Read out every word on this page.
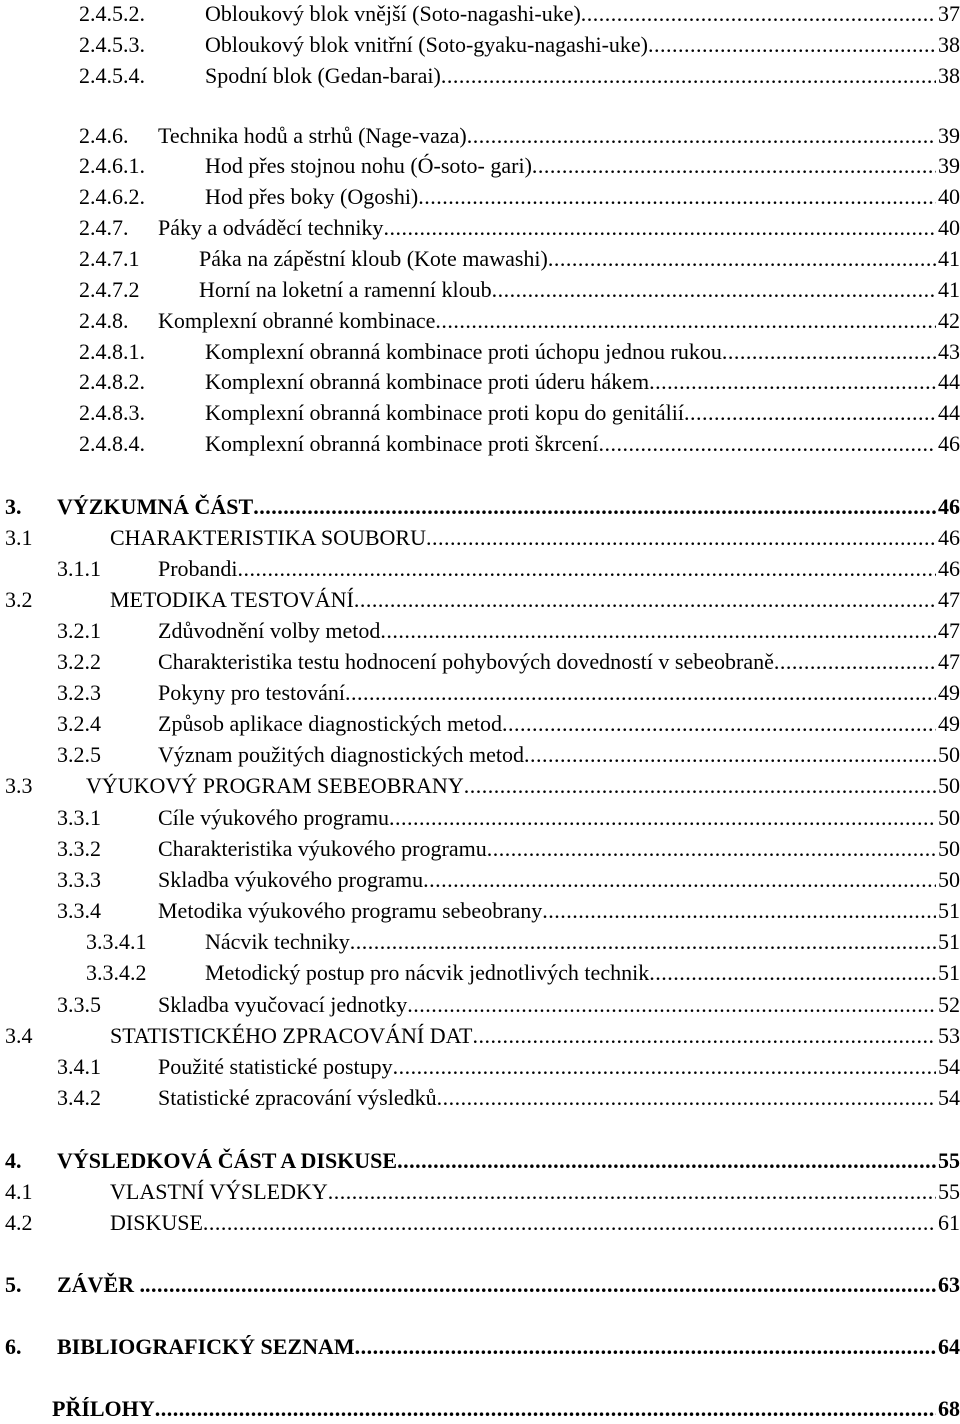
2.4.5.2.	Obloukový blok vnější (Soto-nagashi-uke) .....	37
2.4.5.3.	Obloukový blok vnitřní (Soto-gyaku-nagashi-uke) .....	38
2.4.5.4.	Spodní blok (Gedan-barai) .....	38
2.4.6. Technika hodů a strhů (Nage-vaza) .....	39
2.4.6.1.	Hod přes stojnou nohu (Ó-soto- gari) .....	39
2.4.6.2.	Hod přes boky (Ogoshi) .....	40
2.4.7. Páky a odváděcí techniky .....	40
2.4.7.1	Páka na zápěstní kloub (Kote mawashi) .....	41
2.4.7.2	Horní na loketní a ramenní kloub .....	41
2.4.8. Komplexní obranné kombinace .....	42
2.4.8.1.	Komplexní obranná kombinace proti úchopu jednou rukou .....	43
2.4.8.2.	Komplexní obranná kombinace proti úderu hákem .....	44
2.4.8.3.	Komplexní obranná kombinace proti kopu do genitálií .....	44
2.4.8.4.	Komplexní obranná kombinace proti škrcení .....	46
3. VÝZKUMNÁ ČÁST .....	46
3.1	CHARAKTERISTIKA SOUBORU .....	46
3.1.1	Probandi .....	46
3.2	METODIKA TESTOVÁNÍ .....	47
3.2.1	Zdůvodnění volby metod .....	47
3.2.2	Charakteristika testu hodnocení pohybových dovedností v sebeobraně .....	47
3.2.3	Pokyny pro testování .....	49
3.2.4	Způsob aplikace diagnostických metod .....	49
3.2.5	Význam použitých diagnostických metod .....	50
3.3 VÝUKOVÝ PROGRAM SEBEOBRANY .....	50
3.3.1	Cíle výukového programu .....	50
3.3.2	Charakteristika výukového programu .....	50
3.3.3	Skladba výukového programu .....	50
3.3.4	Metodika výukového programu sebeobrany .....	51
3.3.4.1	Nácvik techniky .....	51
3.3.4.2	Metodický postup pro nácvik jednotlivých technik .....	51
3.3.5	Skladba vyučovací jednotky .....	52
3.4	STATISTICKÉHO ZPRACOVÁNÍ DAT .....	53
3.4.1	Použité statistické postupy .....	54
3.4.2	Statistické zpracování výsledků .....	54
4. VÝSLEDKOVÁ ČÁST A DISKUSE .....	55
4.1	VLASTNÍ VÝSLEDKY .....	55
4.2	DISKUSE .....	61
5. ZÁVĚR . .....	63
6. BIBLIOGRAFICKÝ SEZNAM .....	64
PŘÍLOHY .....	68
